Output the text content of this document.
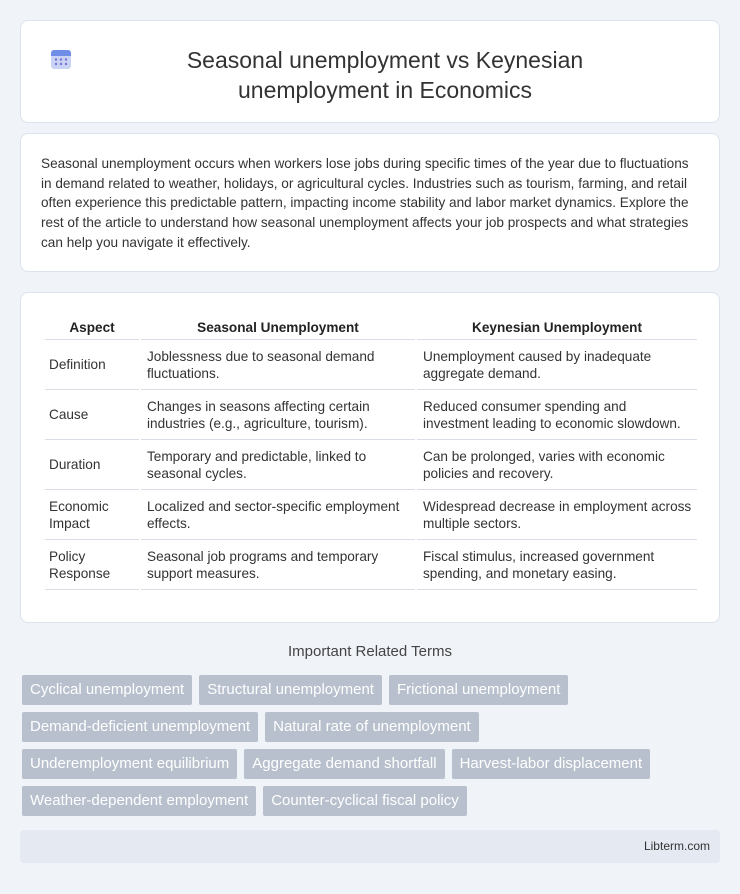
Seasonal unemployment vs Keynesian unemployment in Economics

Seasonal unemployment occurs when workers lose jobs during specific times of the year due to fluctuations in demand related to weather, holidays, or agricultural cycles. Industries such as tourism, farming, and retail often experience this predictable pattern, impacting income stability and labor market dynamics. Explore the rest of the article to understand how seasonal unemployment affects your job prospects and what strategies can help you navigate it effectively.

Aspect	Seasonal Unemployment	Keynesian Unemployment
Definition	Joblessness due to seasonal demand fluctuations.	Unemployment caused by inadequate aggregate demand.
Cause	Changes in seasons affecting certain industries (e.g., agriculture, tourism).	Reduced consumer spending and investment leading to economic slowdown.
Duration	Temporary and predictable, linked to seasonal cycles.	Can be prolonged, varies with economic policies and recovery.
Economic Impact	Localized and sector-specific employment effects.	Widespread decrease in employment across multiple sectors.
Policy Response	Seasonal job programs and temporary support measures.	Fiscal stimulus, increased government spending, and monetary easing.
Important Related Terms
Cyclical unemployment	Structural unemployment	Frictional unemployment
Demand-deficient unemployment	Natural rate of unemployment
Underemployment equilibrium	Aggregate demand shortfall	Harvest-labor displacement
Weather-dependent employment	Counter-cyclical fiscal policy
Libterm.com
